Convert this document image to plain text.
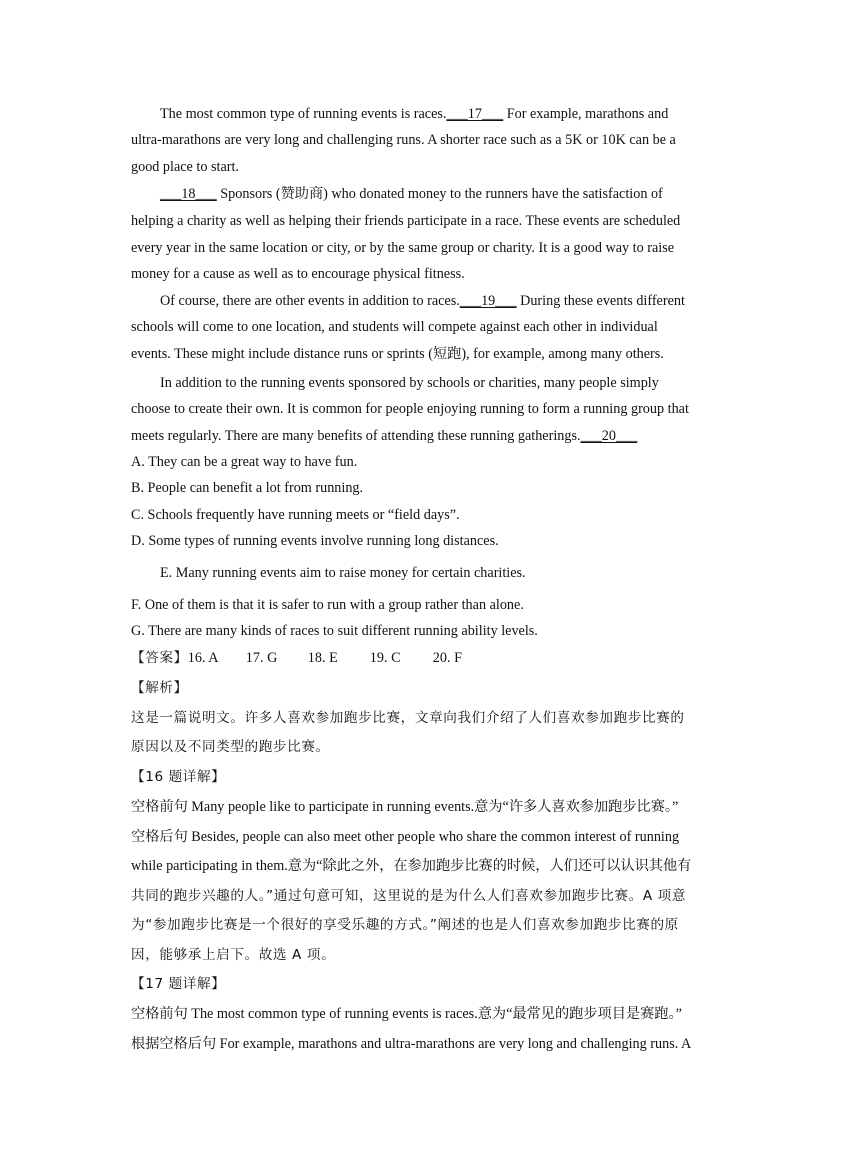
The most common type of running events is races.___17___ For example, marathons and
ultra-marathons are very long and challenging runs. A shorter race such as a 5K or 10K can be a
good place to start.
___18___ Sponsors (赞助商) who donated money to the runners have the satisfaction of
helping a charity as well as helping their friends participate in a race. These events are scheduled
every year in the same location or city, or by the same group or charity. It is a good way to raise
money for a cause as well as to encourage physical fitness.
Of course, there are other events in addition to races.___19___ During these events different
schools will come to one location, and students will compete against each other in individual
events. These might include distance runs or sprints (短跑), for example, among many others.
In addition to the running events sponsored by schools or charities, many people simply
choose to create their own. It is common for people enjoying running to form a running group that
meets regularly. There are many benefits of attending these running gatherings.___20___
A. They can be a great way to have fun.
B. People can benefit a lot from running.
C. Schools frequently have running meets or “field days”.
D. Some types of running events involve running long distances.
E. Many running events aim to raise money for certain charities.
F. One of them is that it is safer to run with a group rather than alone.
G. There are many kinds of races to suit different running ability levels.
【答案】16. A 17. G 18. E 19. C 20. F
【解析】
这是一篇说明文。许多人喜欢参加跑步比赛，文章向我们介绍了人们喜欢参加跑步比赛的
原因以及不同类型的跑步比赛。
【16 题详解】
空格前句 Many people like to participate in running events.意为“许多人喜欢参加跑步比赛。”
空格后句 Besides, people can also meet other people who share the common interest of running
while participating in them.意为“除此之外，在参加跑步比赛的时候，人们还可以认识其他有
共同的跑步兴趣的人。”通过句意可知，这里说的是为什么人们喜欢参加跑步比赛。A 项意
为“参加跑步比赛是一个很好的享受乐趣的方式。”阐述的也是人们喜欢参加跑步比赛的原
因，能够承上启下。故选 A 项。
【17 题详解】
空格前句 The most common type of running events is races.意为“最常见的跑步项目是赛跑。”
根据空格后句 For example, marathons and ultra-marathons are very long and challenging runs. A
